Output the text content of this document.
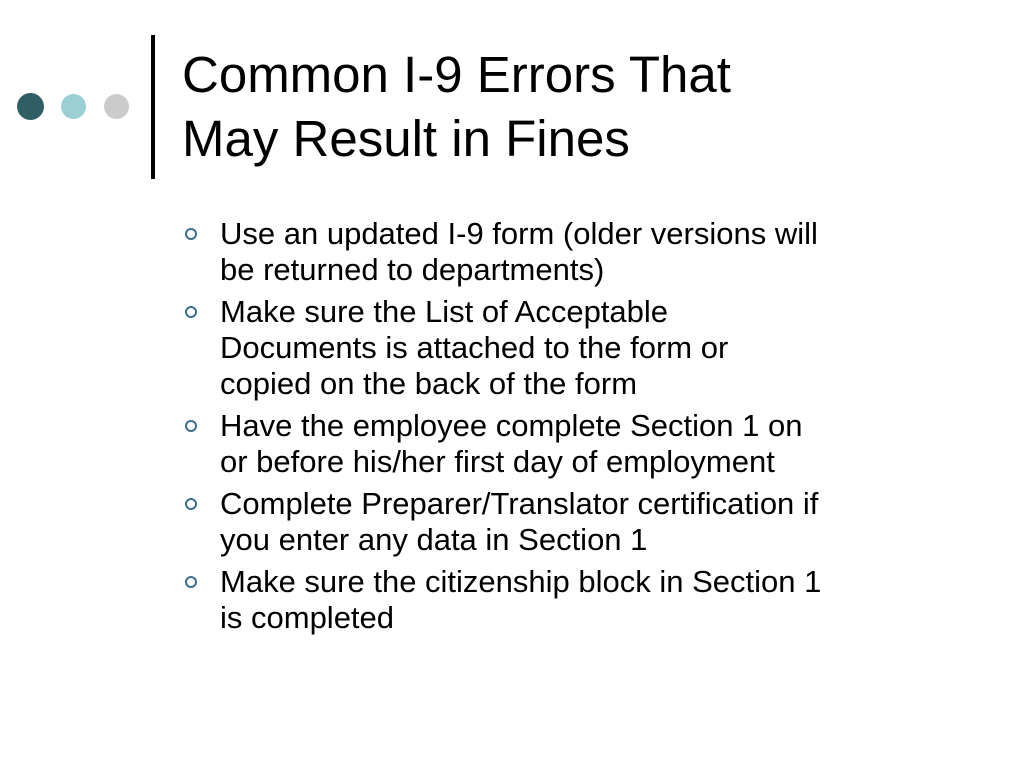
Common I-9 Errors That
May Result in Fines
Use an updated I-9 form (older versions will
be returned to departments)
Make sure the List of Acceptable
Documents is attached to the form or
copied on the back of the form
Have the employee complete Section 1 on
or before his/her first day of employment
Complete Preparer/Translator certification if
you enter any data in Section 1
Make sure the citizenship block in Section 1
is completed
